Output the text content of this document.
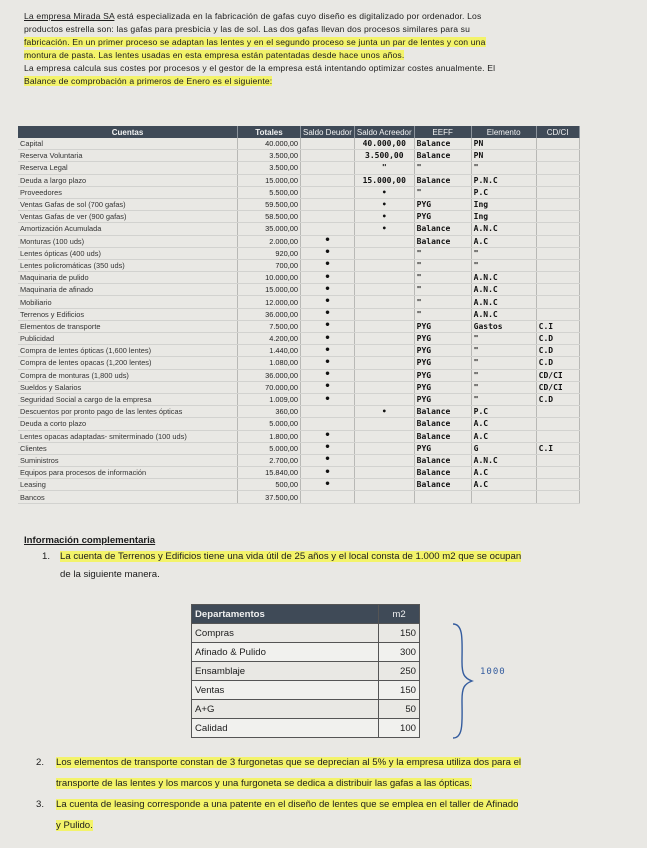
La empresa Mirada SA está especializada en la fabricación de gafas cuyo diseño es digitalizado por ordenador. Los

productos estrella son: las gafas para presbicia y las de sol. Las dos gafas llevan dos procesos similares para su

fabricación. En un primer proceso se adaptan las lentes y en el segundo proceso se junta un par de lentes y con una

montura de pasta. Las lentes usadas en esta empresa están patentadas desde hace unos años.

La empresa calcula sus costes por procesos y el gestor de la empresa está intentando optimizar costes anualmente. El

Balance de comprobación a primeros de Enero es el siguiente:

Cuentas	Totales	Saldo Deudor	Saldo Acreedor	EEFF	Elemento	CD/CI

Capital	40.000,00		40.000,00	Balance	PN	
Reserva Voluntaria	3.500,00		3.500,00	Balance	PN	
Reserva Legal	3.500,00		"	"	"	
Deuda a largo plazo	15.000,00		15.000,00	Balance	P.N.C	
Proveedores	5.500,00		•	"	P.C	
Ventas Gafas de sol (700 gafas)	59.500,00		•	PYG	Ing	
Ventas Gafas de ver (900 gafas)	58.500,00		•	PYG	Ing	
Amortización Acumulada	35.000,00		•	Balance	A.N.C	
Monturas (100 uds)	2.000,00	•		Balance	A.C	
Lentes ópticas (400 uds)	920,00	•		"	"	
Lentes policromáticas (350 uds)	700,00	•		"	"	
Maquinaria de pulido	10.000,00	•		"	A.N.C	
Maquinaria de afinado	15.000,00	•		"	A.N.C	
Mobiliario	12.000,00	•		"	A.N.C	
Terrenos y Edificios	36.000,00	•		"	A.N.C	
Elementos de transporte	7.500,00	•		PYG	Gastos	C.I
Publicidad	4.200,00	•		PYG	"	C.D
Compra de lentes ópticas (1,600 lentes)	1.440,00	•		PYG	"	C.D
Compra de lentes opacas (1,200 lentes)	1.080,00	•		PYG	"	C.D
Compra de monturas (1,800 uds)	36.000,00	•		PYG	"	CD/CI
Sueldos y Salarios	70.000,00	•		PYG	"	CD/CI
Seguridad Social a cargo de la empresa	1.009,00	•		PYG	"	C.D
Descuentos por pronto pago de las lentes ópticas	360,00		•	Balance	P.C	
Deuda a corto plazo	5.000,00			Balance	A.C	
Lentes opacas adaptadas- smiterminado (100 uds)	1.800,00	•		Balance	A.C	
Clientes	5.000,00	•		PYG	G	C.I
Suministros	2.700,00	•		Balance	A.N.C	
Equipos para procesos de información	15.840,00	•		Balance	A.C	
Leasing	500,00	•		Balance	A.C	
Bancos	37.500,00					
Información complementaria
1. La cuenta de Terrenos y Edificios tiene una vida útil de 25 años y el local consta de 1.000 m2 que se ocupan
de la siguiente manera.
Departamentos	m2
Compras	150
Afinado & Pulido	300
Ensamblaje	250
Ventas	150
A+G	50
Calidad	100
1000
2. Los elementos de transporte constan de 3 furgonetas que se deprecian al 5% y la empresa utiliza dos para el
transporte de las lentes y los marcos y una furgoneta se dedica a distribuir las gafas a las ópticas.
3. La cuenta de leasing corresponde a una patente en el diseño de lentes que se emplea en el taller de Afinado
y Pulido.
